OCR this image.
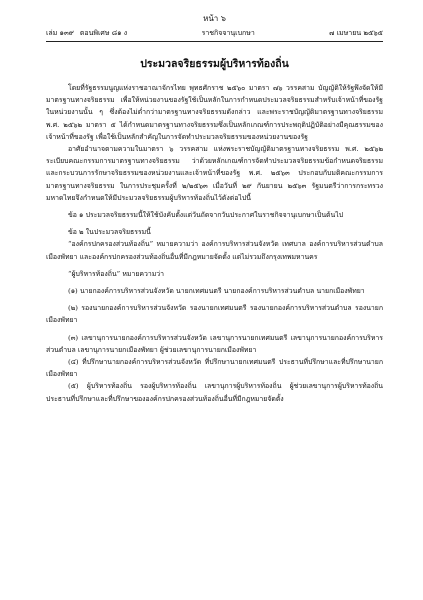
หน้า ๖
เล่ม ๑๓๙ ตอนพิเศษ ๘๑ ง	ราชกิจจานุเบกษา	๗ เมษายน ๒๕๖๕
ประมวลจริยธรรมผู้บริหารท้องถิ่น

โดยที่รัฐธรรมนูญแห่งราชอาณาจักรไทย พุทธศักราช ๒๕๖๐ มาตรา ๗๖ วรรคสาม บัญญัติให้รัฐพึงจัดให้มีมาตรฐานทางจริยธรรม เพื่อให้หน่วยงานของรัฐใช้เป็นหลักในการกำหนดประมวลจริยธรรมสำหรับเจ้าหน้าที่ของรัฐในหน่วยงานนั้น ๆ ซึ่งต้องไม่ต่ำกว่ามาตรฐานทางจริยธรรมดังกล่าว และพระราชบัญญัติมาตรฐานทางจริยธรรม พ.ศ. ๒๕๖๒ มาตรา ๕ ได้กำหนดมาตรฐานทางจริยธรรมซึ่งเป็นหลักเกณฑ์การประพฤติปฏิบัติอย่างมีคุณธรรมของเจ้าหน้าที่ของรัฐ เพื่อใช้เป็นหลักสำคัญในการจัดทำประมวลจริยธรรมของหน่วยงานของรัฐ

อาศัยอำนาจตามความในมาตรา ๖ วรรคสาม แห่งพระราชบัญญัติมาตรฐานทางจริยธรรม พ.ศ. ๒๕๖๒ ระเบียบคณะกรรมการมาตรฐานทางจริยธรรม ว่าด้วยหลักเกณฑ์การจัดทำประมวลจริยธรรมข้อกำหนดจริยธรรม และกระบวนการรักษาจริยธรรมของหน่วยงานและเจ้าหน้าที่ของรัฐ พ.ศ. ๒๕๖๓ ประกอบกับมติคณะกรรมการมาตรฐานทางจริยธรรม ในการประชุมครั้งที่ ๒/๒๕๖๓ เมื่อวันที่ ๒๙ กันยายน ๒๕๖๓ รัฐมนตรีว่าการกระทรวงมหาดไทยจึงกำหนดให้มีประมวลจริยธรรมผู้บริหารท้องถิ่นไว้ดังต่อไปนี้

ข้อ ๑ ประมวลจริยธรรมนี้ให้ใช้บังคับตั้งแต่วันถัดจากวันประกาศในราชกิจจานุเบกษาเป็นต้นไป

ข้อ ๒ ในประมวลจริยธรรมนี้

“องค์กรปกครองส่วนท้องถิ่น” หมายความว่า องค์การบริหารส่วนจังหวัด เทศบาล องค์การบริหารส่วนตำบล เมืองพัทยา และองค์กรปกครองส่วนท้องถิ่นอื่นที่มีกฎหมายจัดตั้ง แต่ไม่รวมถึงกรุงเทพมหานคร

“ผู้บริหารท้องถิ่น” หมายความว่า

(๑) นายกองค์การบริหารส่วนจังหวัด นายกเทศมนตรี นายกองค์การบริหารส่วนตำบล นายกเมืองพัทยา

(๒) รองนายกองค์การบริหารส่วนจังหวัด รองนายกเทศมนตรี รองนายกองค์การบริหารส่วนตำบล รองนายกเมืองพัทยา

(๓) เลขานุการนายกองค์การบริหารส่วนจังหวัด เลขานุการนายกเทศมนตรี เลขานุการนายกองค์การบริหารส่วนตำบล เลขานุการนายกเมืองพัทยา ผู้ช่วยเลขานุการนายกเมืองพัทยา

(๔) ที่ปรึกษานายกองค์การบริหารส่วนจังหวัด ที่ปรึกษานายกเทศมนตรี ประธานที่ปรึกษาและที่ปรึกษานายกเมืองพัทยา

(๕) ผู้บริหารท้องถิ่น รองผู้บริหารท้องถิ่น เลขานุการผู้บริหารท้องถิ่น ผู้ช่วยเลขานุการผู้บริหารท้องถิ่น ประธานที่ปรึกษาและที่ปรึกษาขององค์กรปกครองส่วนท้องถิ่นอื่นที่มีกฎหมายจัดตั้ง
